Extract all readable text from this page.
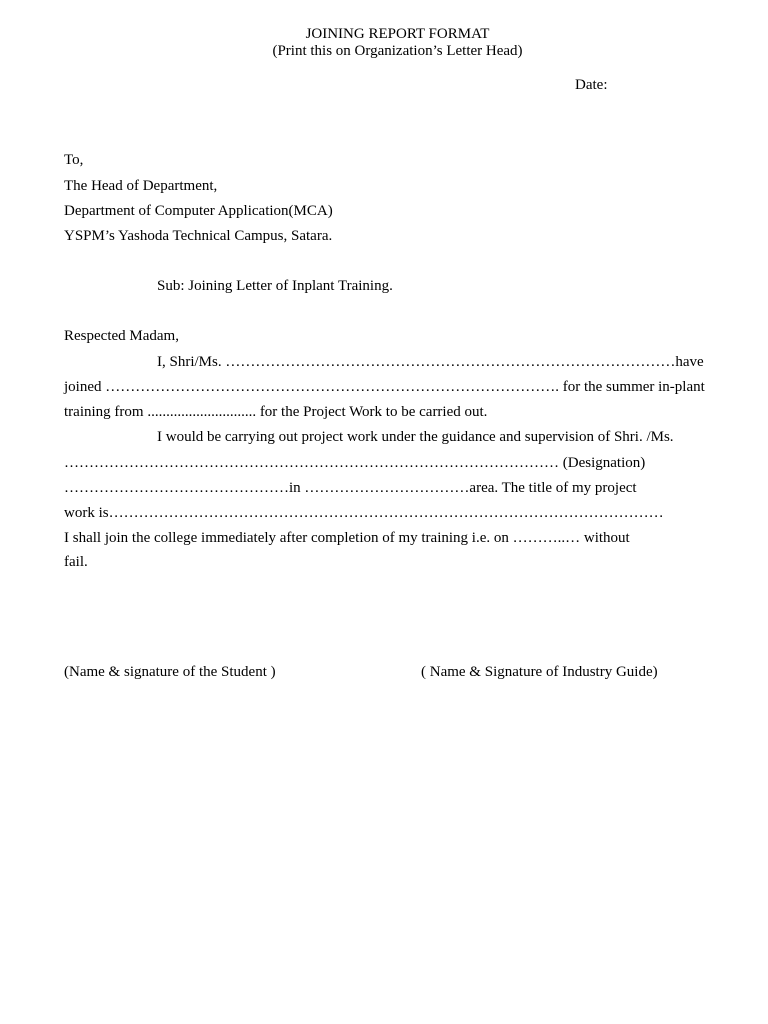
JOINING REPORT FORMAT
(Print this on Organization’s Letter Head)
Date:
To,
The Head of Department,
Department of Computer Application(MCA)
YSPM’s Yashoda Technical Campus, Satara.
Sub: Joining Letter of Inplant Training.
Respected Madam,
I, Shri/Ms. ………………………………………………………………………………have
joined ………………………………………………………………………………. for the summer in-plant
training from ............................. for the Project Work to be carried out.
I would be carrying out project work under the guidance and supervision of Shri. /Ms.
……………………………………………………………………………………… (Designation)
………………………………………in ……………………………area. The title of my project
work is…………………………………………………………………………………………………
I shall join the college immediately after completion of my training i.e. on ………..… without
fail.
(Name & signature of the Student )	( Name & Signature of Industry Guide)
